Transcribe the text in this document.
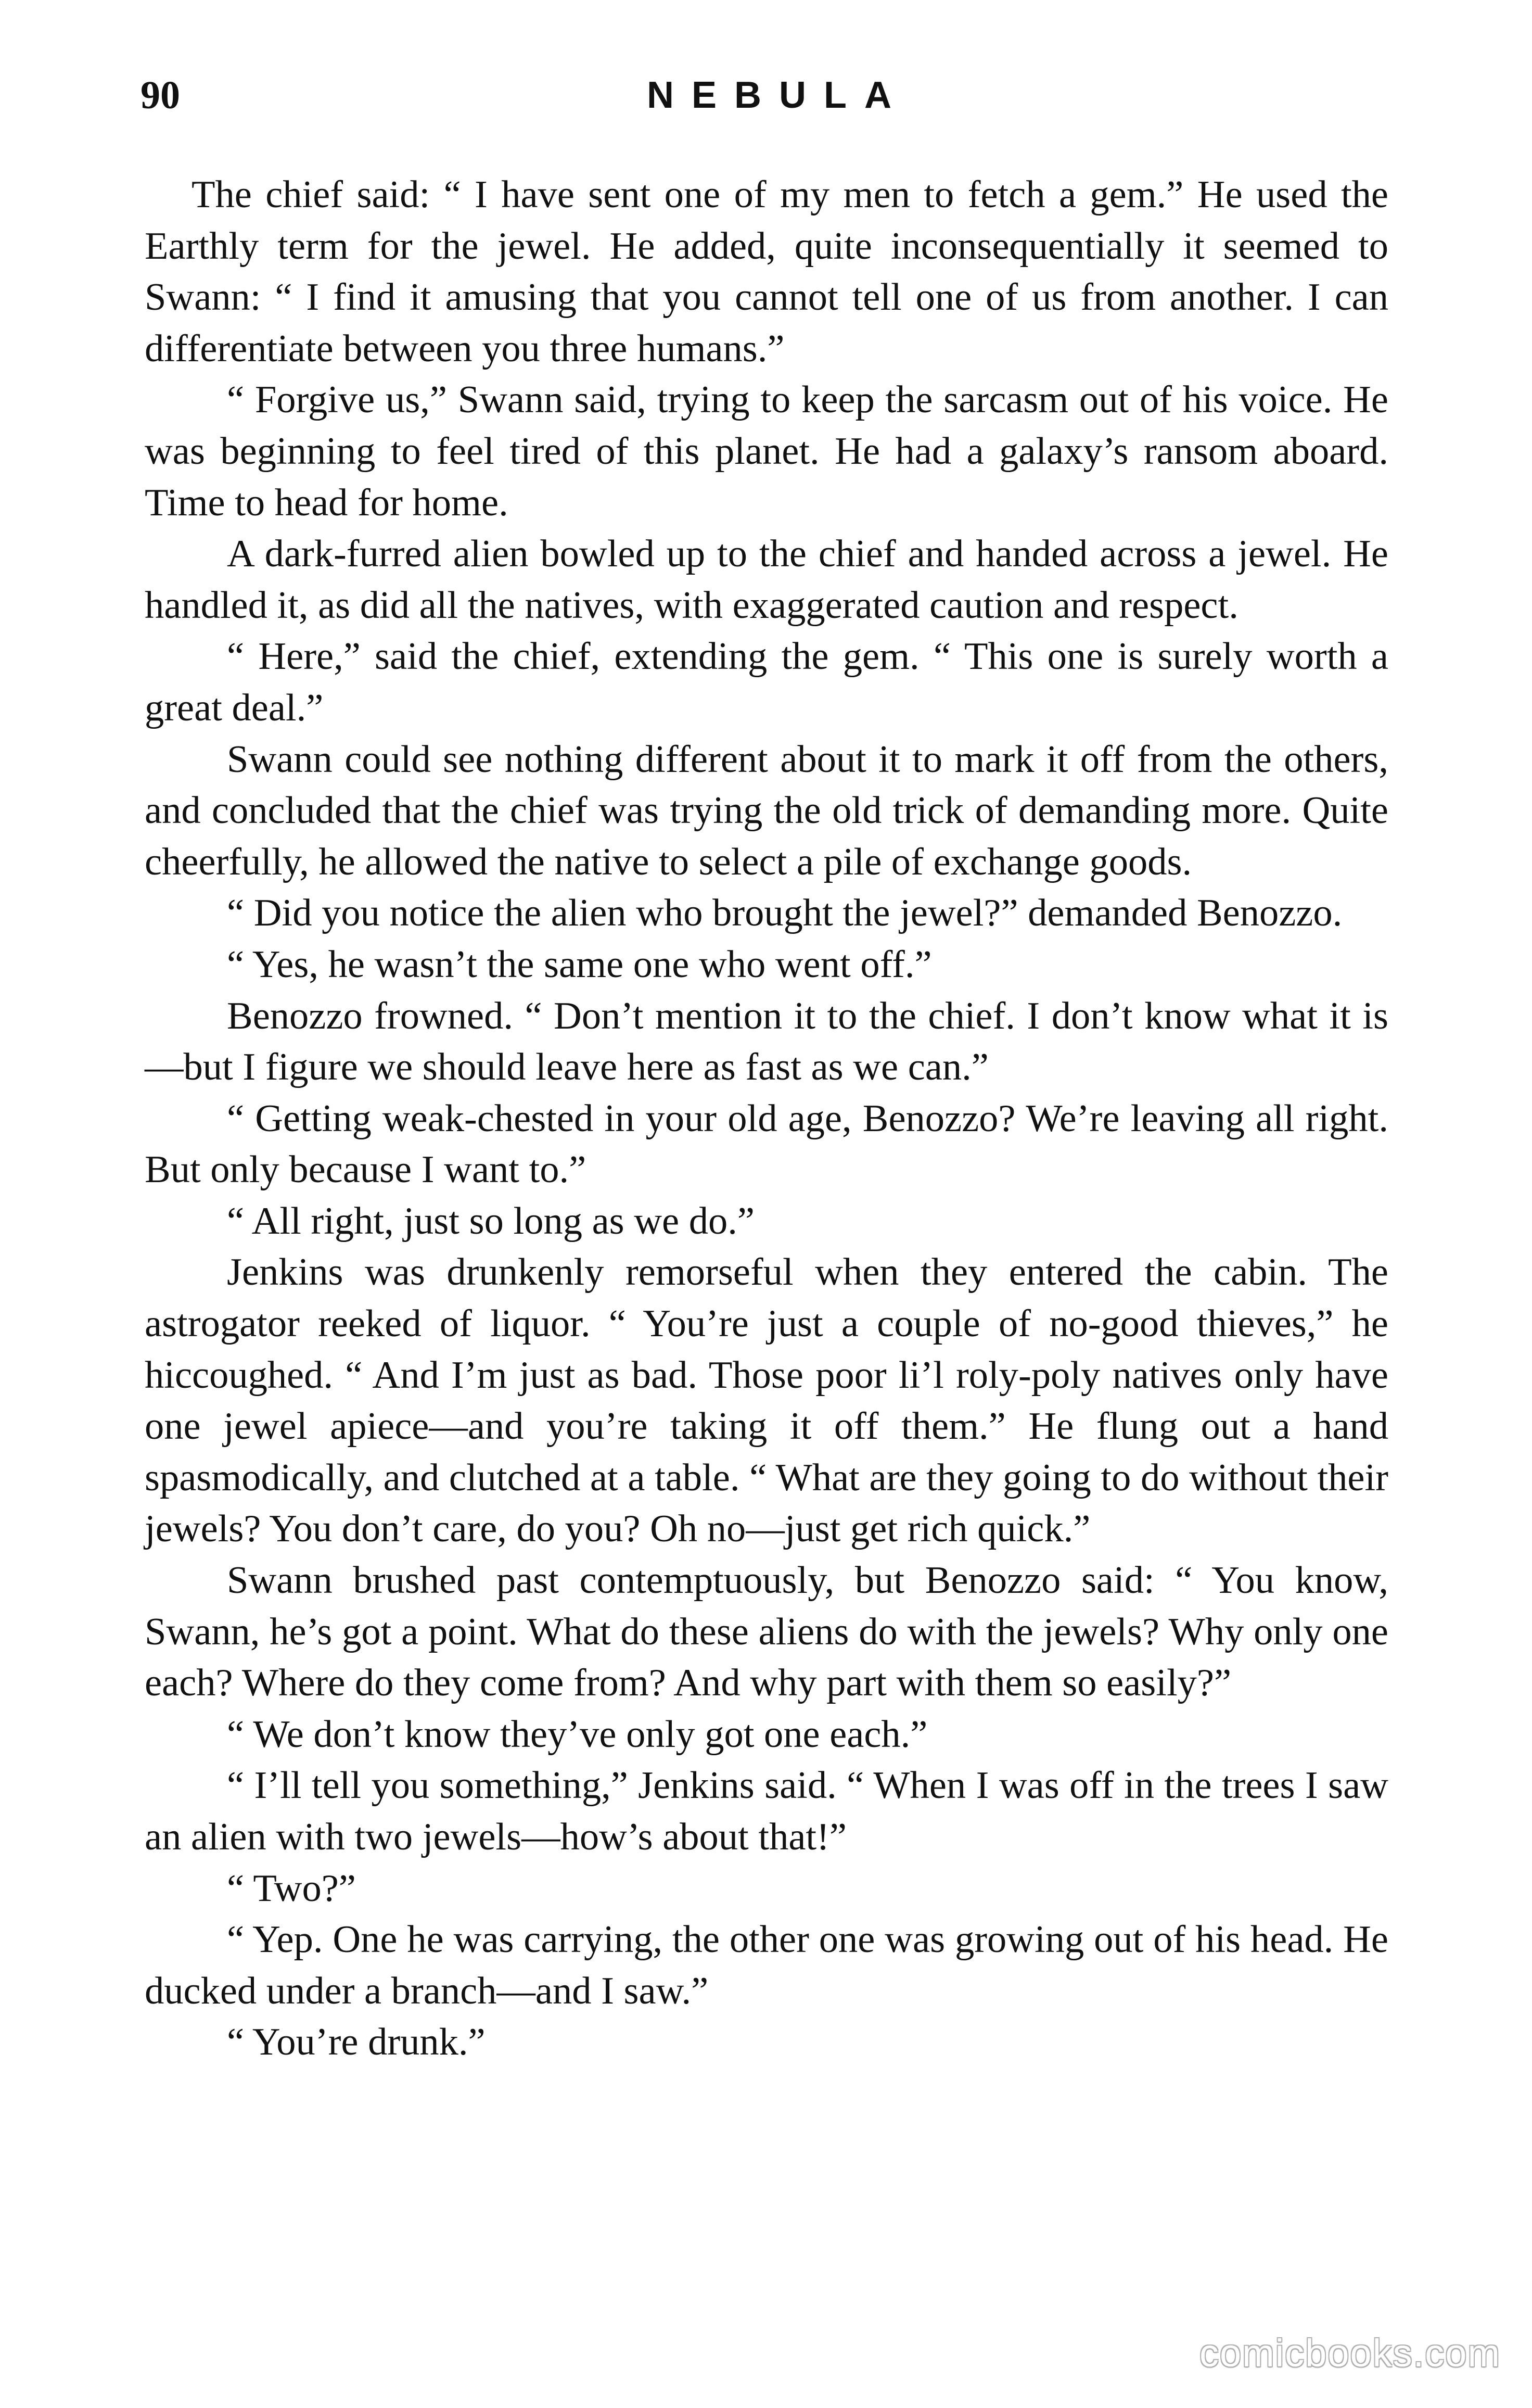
90	NEBULA

The chief said: “ I have sent one of my men to fetch a gem.” He used the Earthly term for the jewel. He added, quite inconsequentially it seemed to Swann: “ I find it amusing that you cannot tell one of us from another. I can differentiate between you three humans.”

“ Forgive us,” Swann said, trying to keep the sarcasm out of his voice. He was beginning to feel tired of this planet. He had a galaxy’s ransom aboard. Time to head for home.

A dark-furred alien bowled up to the chief and handed across a jewel. He handled it, as did all the natives, with exaggerated caution and respect.

“ Here,” said the chief, extending the gem. “ This one is surely worth a great deal.”

Swann could see nothing different about it to mark it off from the others, and concluded that the chief was trying the old trick of demanding more. Quite cheerfully, he allowed the native to select a pile of exchange goods.

“ Did you notice the alien who brought the jewel?” demanded Benozzo.

“ Yes, he wasn’t the same one who went off.”

Benozzo frowned. “ Don’t mention it to the chief. I don’t know what it is—but I figure we should leave here as fast as we can.”

“ Getting weak-chested in your old age, Benozzo? We’re leaving all right. But only because I want to.”

“ All right, just so long as we do.”

Jenkins was drunkenly remorseful when they entered the cabin. The astrogator reeked of liquor. “ You’re just a couple of no-good thieves,” he hiccoughed. “ And I’m just as bad. Those poor li’l roly-poly natives only have one jewel apiece—and you’re taking it off them.” He flung out a hand spasmodically, and clutched at a table. “ What are they going to do without their jewels? You don’t care, do you? Oh no—just get rich quick.”

Swann brushed past contemptuously, but Benozzo said: “ You know, Swann, he’s got a point. What do these aliens do with the jewels? Why only one each? Where do they come from? And why part with them so easily?”

“ We don’t know they’ve only got one each.”

“ I’ll tell you something,” Jenkins said. “ When I was off in the trees I saw an alien with two jewels—how’s about that!”

“ Two?”

“ Yep. One he was carrying, the other one was growing out of his head. He ducked under a branch—and I saw.”

“ You’re drunk.”

comicbooks.com
